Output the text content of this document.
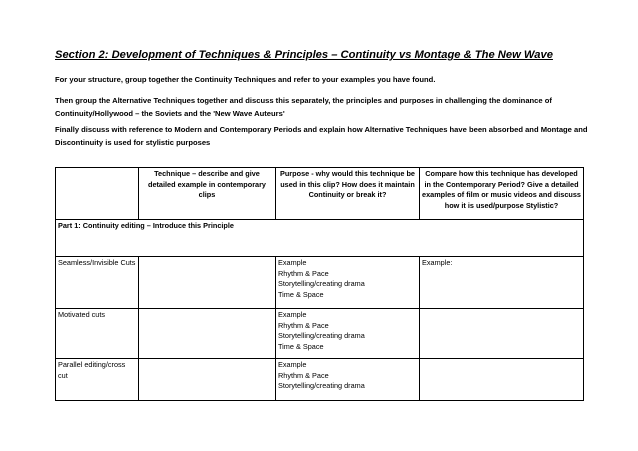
Section 2: Development of Techniques & Principles – Continuity vs Montage & The New Wave
For your structure, group together the Continuity Techniques and refer to your examples you have found.
Then group the Alternative Techniques together and discuss this separately, the principles and purposes in challenging the dominance of Continuity/Hollywood – the Soviets and the 'New Wave Auteurs'
Finally discuss with reference to Modern and Contemporary Periods and explain how Alternative Techniques have been absorbed and Montage and Discontinuity is used for stylistic purposes
	Technique – describe and give detailed example in contemporary clips	Purpose - why would this technique be used in this clip? How does it maintain Continuity or break it?	Compare how this technique has developed in the Contemporary Period? Give a detailed examples of film or music videos and discuss how it is used/purpose Stylistic?
Part 1: Continuity editing – Introduce this Principle			
Seamless/Invisible Cuts		Example
Rhythm & Pace
Storytelling/creating drama
Time & Space	Example:
Motivated cuts		Example
Rhythm & Pace
Storytelling/creating drama
Time & Space	

Parallel editing/cross cut		Example
Rhythm & Pace
Storytelling/creating drama	
